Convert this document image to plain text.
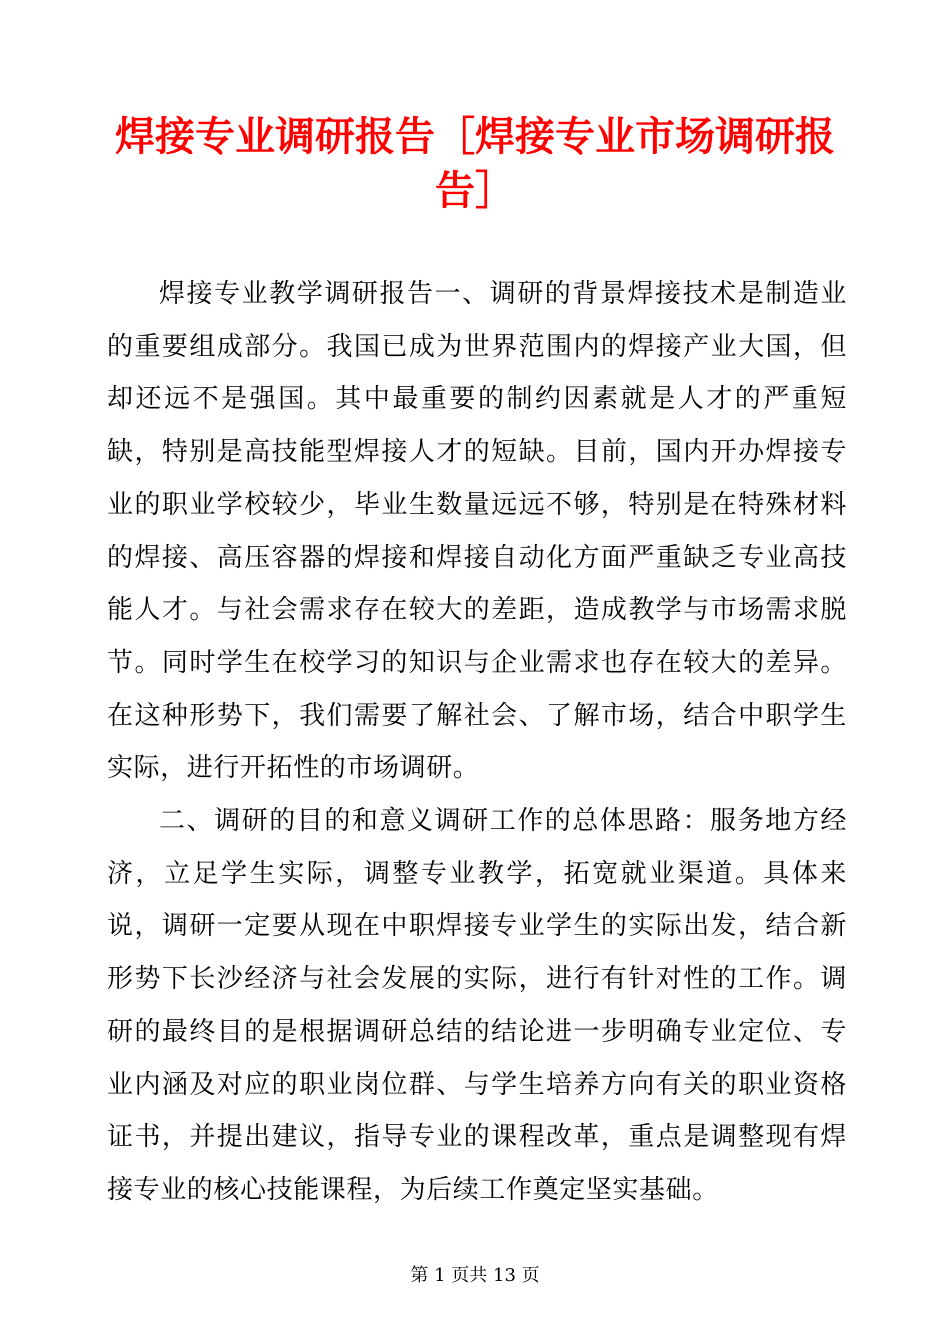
焊接专业调研报告［焊接专业市场调研报告］

焊接专业教学调研报告一、调研的背景焊接技术是制造业的重要组成部分。我国已成为世界范围内的焊接产业大国，但却还远不是强国。其中最重要的制约因素就是人才的严重短缺，特别是高技能型焊接人才的短缺。目前，国内开办焊接专业的职业学校较少，毕业生数量远远不够，特别是在特殊材料的焊接、高压容器的焊接和焊接自动化方面严重缺乏专业高技能人才。与社会需求存在较大的差距，造成教学与市场需求脱节。同时学生在校学习的知识与企业需求也存在较大的差异。在这种形势下，我们需要了解社会、了解市场，结合中职学生实际，进行开拓性的市场调研。

二、调研的目的和意义调研工作的总体思路：服务地方经济，立足学生实际，调整专业教学，拓宽就业渠道。具体来说，调研一定要从现在中职焊接专业学生的实际出发，结合新形势下长沙经济与社会发展的实际，进行有针对性的工作。调研的最终目的是根据调研总结的结论进一步明确专业定位、专业内涵及对应的职业岗位群、与学生培养方向有关的职业资格证书，并提出建议，指导专业的课程改革，重点是调整现有焊接专业的核心技能课程，为后续工作奠定坚实基础。

第 1 页共 13 页
